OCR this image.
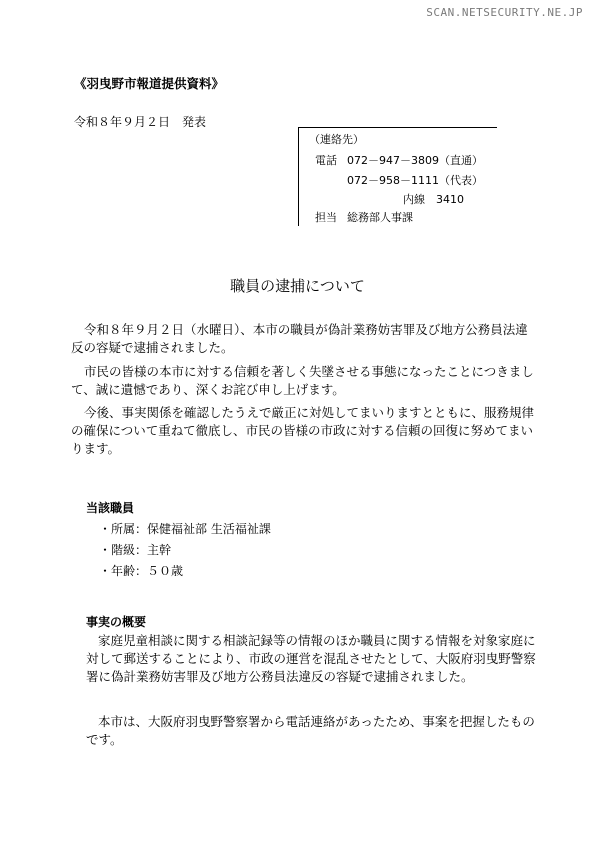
SCAN.NETSECURITY.NE.JP
《羽曳野市報道提供資料》
令和８年９月２日　発表
（連絡先）
電話 072－947－3809（直通）
072－958－1111（代表）
内線　3410
担当 総務部人事課
職員の逮捕について
令和８年９月２日（水曜日）、本市の職員が偽計業務妨害罪及び地方公務員法違反の容疑で逮捕されました。
市民の皆様の本市に対する信頼を著しく失墜させる事態になったことにつきまして、誠に遺憾であり、深くお詫び申し上げます。
今後、事実関係を確認したうえで厳正に対処してまいりますとともに、服務規律の確保について重ねて徹底し、市民の皆様の市政に対する信頼の回復に努めてまいります。
当該職員
・所属：保健福祉部 生活福祉課
・階級：主幹
・年齢：５０歳
事実の概要
家庭児童相談に関する相談記録等の情報のほか職員に関する情報を対象家庭に対して郵送することにより、市政の運営を混乱させたとして、大阪府羽曳野警察署に偽計業務妨害罪及び地方公務員法違反の容疑で逮捕されました。
本市は、大阪府羽曳野警察署から電話連絡があったため、事案を把握したものです。
